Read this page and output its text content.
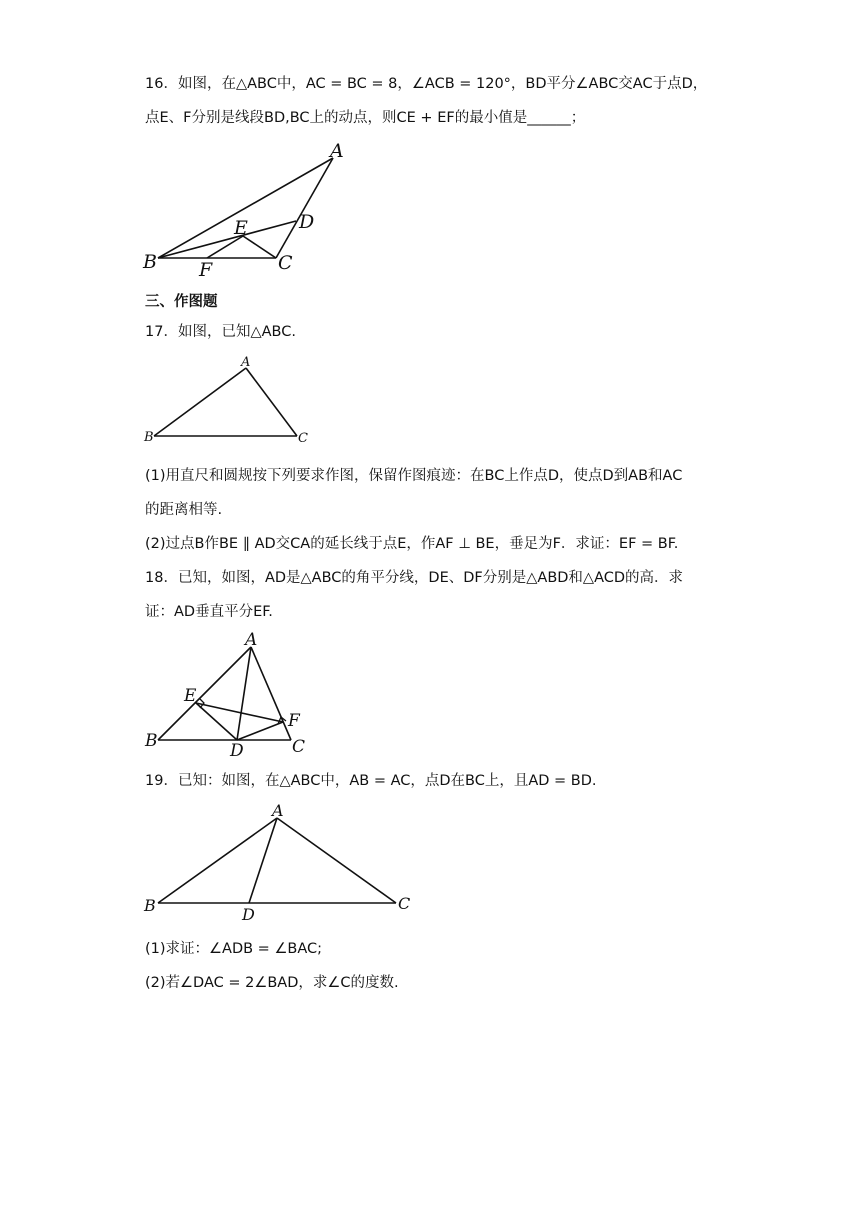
16．如图，在△ABC中，AC = BC = 8，∠ACB = 120°，BD平分∠ABC交AC于点D，
点E、F分别是线段BD,BC上的动点，则CE + EF的最小值是______；
A
B	C
D
E
F
三、作图题
17．如图，已知△ABC.
A
B	C
(1)用直尺和圆规按下列要求作图，保留作图痕迹：在BC上作点D，使点D到AB和AC
的距离相等.
(2)过点B作BE ∥ AD交CA的延长线于点E，作AF ⊥ BE，垂足为F．求证：EF = BF.
18．已知，如图，AD是△ABC的角平分线，DE、DF分别是△ABD和△ACD的高．求
证：AD垂直平分EF.
A
B	C
D
E
F
19．已知：如图，在△ABC中，AB = AC，点D在BC上，且AD = BD.
A
B	C
D
(1)求证：∠ADB = ∠BAC;
(2)若∠DAC = 2∠BAD，求∠C的度数.
